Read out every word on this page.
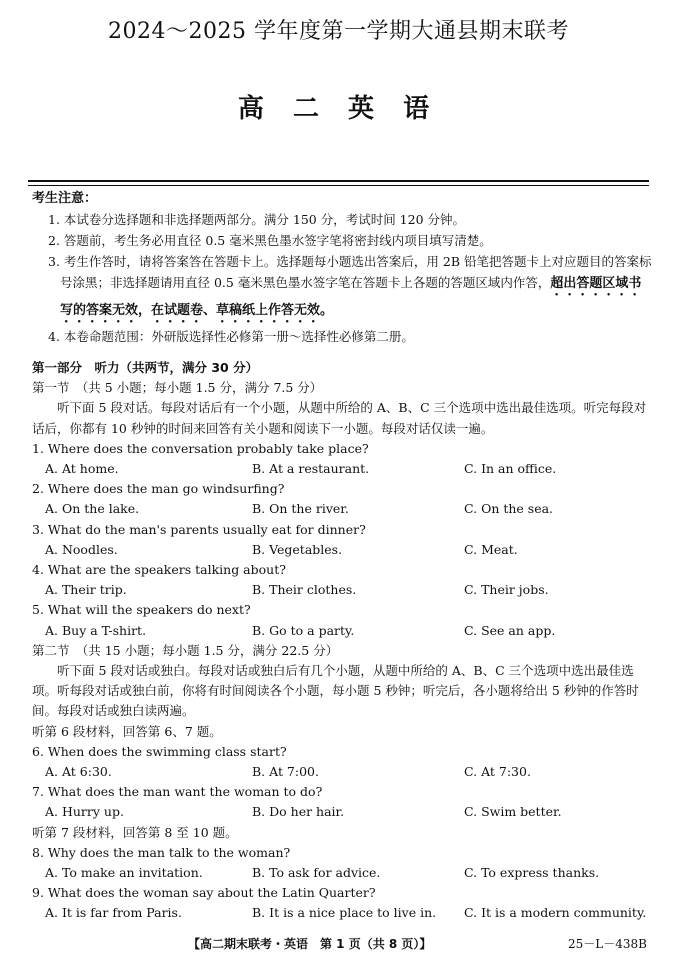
2024～2025 学年度第一学期大通县期末联考
高 二 英 语
考生注意：
1. 本试卷分选择题和非选择题两部分。满分 150 分，考试时间 120 分钟。
2. 答题前，考生务必用直径 0.5 毫米黑色墨水签字笔将密封线内项目填写清楚。
3. 考生作答时，请将答案答在答题卡上。选择题每小题选出答案后，用 2B 铅笔把答题卡上对应题目的答案标号涂黑；非选择题请用直径 0.5 毫米黑色墨水签字笔在答题卡上各题的答题区域内作答，超出答题区域书写的答案无效，在试题卷、草稿纸上作答无效。
4. 本卷命题范围：外研版选择性必修第一册～选择性必修第二册。
第一部分　听力（共两节，满分 30 分）
第一节　（共 5 小题；每小题 1.5 分，满分 7.5 分）
听下面 5 段对话。每段对话后有一个小题，从题中所给的 A、B、C 三个选项中选出最佳选项。听完每段对话后，你都有 10 秒钟的时间来回答有关小题和阅读下一小题。每段对话仅读一遍。
1. Where does the conversation probably take place?
A. At home.	B. At a restaurant.	C. In an office.
2. Where does the man go windsurfing?
A. On the lake.	B. On the river.	C. On the sea.
3. What do the man's parents usually eat for dinner?
A. Noodles.	B. Vegetables.	C. Meat.
4. What are the speakers talking about?
A. Their trip.	B. Their clothes.	C. Their jobs.
5. What will the speakers do next?
A. Buy a T-shirt.	B. Go to a party.	C. See an app.
第二节　（共 15 小题；每小题 1.5 分，满分 22.5 分）
听下面 5 段对话或独白。每段对话或独白后有几个小题，从题中所给的 A、B、C 三个选项中选出最佳选项。听每段对话或独白前，你将有时间阅读各个小题，每小题 5 秒钟；听完后，各小题将给出 5 秒钟的作答时间。每段对话或独白读两遍。
听第 6 段材料，回答第 6、7 题。
6. When does the swimming class start?
A. At 6:30.	B. At 7:00.	C. At 7:30.
7. What does the man want the woman to do?
A. Hurry up.	B. Do her hair.	C. Swim better.
听第 7 段材料，回答第 8 至 10 题。
8. Why does the man talk to the woman?
A. To make an invitation.	B. To ask for advice.	C. To express thanks.
9. What does the woman say about the Latin Quarter?
A. It is far from Paris.	B. It is a nice place to live in.	C. It is a modern community.
【高二期末联考・英语　第 1 页（共 8 页）】	25－L－438B
